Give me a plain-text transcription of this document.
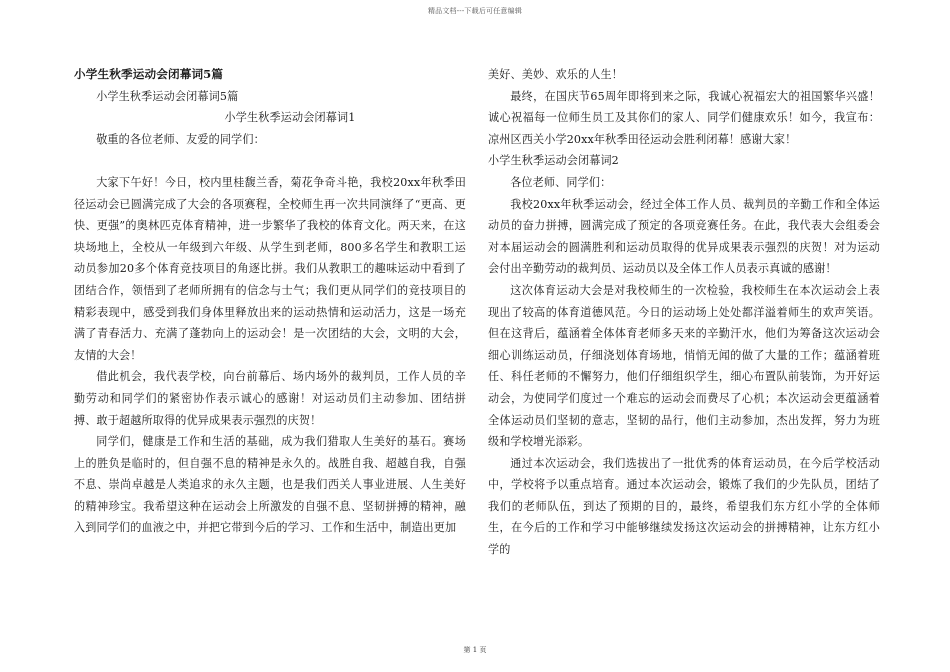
精品文档---下载后可任意编辑

小学生秋季运动会闭幕词5篇

小学生秋季运动会闭幕词5篇

小学生秋季运动会闭幕词1

敬重的各位老师、友爱的同学们：

大家下午好！今日，校内里桂馥兰香，菊花争奇斗艳，我校20xx年秋季田径运动会已圆满完成了大会的各项赛程，全校师生再一次共同演绎了“更高、更快、更强”的奥林匹克体育精神，进一步繁华了我校的体育文化。两天来，在这块场地上，全校从一年级到六年级、从学生到老师，800多名学生和教职工运动员参加20多个体育竞技项目的角逐比拼。我们从教职工的趣味运动中看到了团结合作，领悟到了老师所拥有的信念与士气；我们更从同学们的竞技项目的精彩表现中，感受到我们身体里释放出来的运动热情和运动活力，这是一场充满了青春活力、充满了蓬勃向上的运动会！是一次团结的大会，文明的大会，友情的大会！

借此机会，我代表学校，向台前幕后、场内场外的裁判员，工作人员的辛勤劳动和同学们的紧密协作表示诚心的感谢！对运动员们主动参加、团结拼搏、敢于超越所取得的优异成果表示强烈的庆贺！

同学们，健康是工作和生活的基础，成为我们猎取人生美好的基石。赛场上的胜负是临时的，但自强不息的精神是永久的。战胜自我、超越自我，自强不息、崇尚卓越是人类追求的永久主题，也是我们西关人事业进展、人生美好的精神珍宝。我希望这种在运动会上所激发的自强不息、坚韧拼搏的精神，融入到同学们的血液之中，并把它带到今后的学习、工作和生活中，制造出更加

美好、美妙、欢乐的人生！

最终，在国庆节65周年即将到来之际，我诚心祝福宏大的祖国繁华兴盛！诚心祝福每一位师生员工及其你们的家人、同学们健康欢乐！如今，我宣布：凉州区西关小学20xx年秋季田径运动会胜利闭幕！感谢大家！

小学生秋季运动会闭幕词2

各位老师、同学们：

我校20xx年秋季运动会，经过全体工作人员、裁判员的辛勤工作和全体运动员的奋力拼搏，圆满完成了预定的各项竞赛任务。在此，我代表大会组委会对本届运动会的圆满胜利和运动员取得的优异成果表示强烈的庆贺！对为运动会付出辛勤劳动的裁判员、运动员以及全体工作人员表示真诚的感谢！

这次体育运动大会是对我校师生的一次检验，我校师生在本次运动会上表现出了较高的体育道德风范。今日的运动场上处处都洋溢着师生的欢声笑语。但在这背后，蕴涵着全体体育老师多天来的辛勤汗水，他们为筹备这次运动会细心训练运动员，仔细浇划体育场地，悄悄无闻的做了大量的工作；蕴涵着班任、科任老师的不懈努力，他们仔细组织学生，细心布置队前装饰，为开好运动会，为使同学们度过一个难忘的运动会而费尽了心机；本次运动会更蕴涵着全体运动员们坚韧的意志，坚韧的品行，他们主动参加，杰出发挥，努力为班级和学校增光添彩。

通过本次运动会，我们选拔出了一批优秀的体育运动员，在今后学校活动中，学校将予以重点培育。通过本次运动会，锻炼了我们的少先队员，团结了我们的老师队伍，到达了预期的目的，最终，希望我们东方红小学的全体师生，在今后的工作和学习中能够继续发扬这次运动会的拼搏精神，让东方红小学的

第 1 页
